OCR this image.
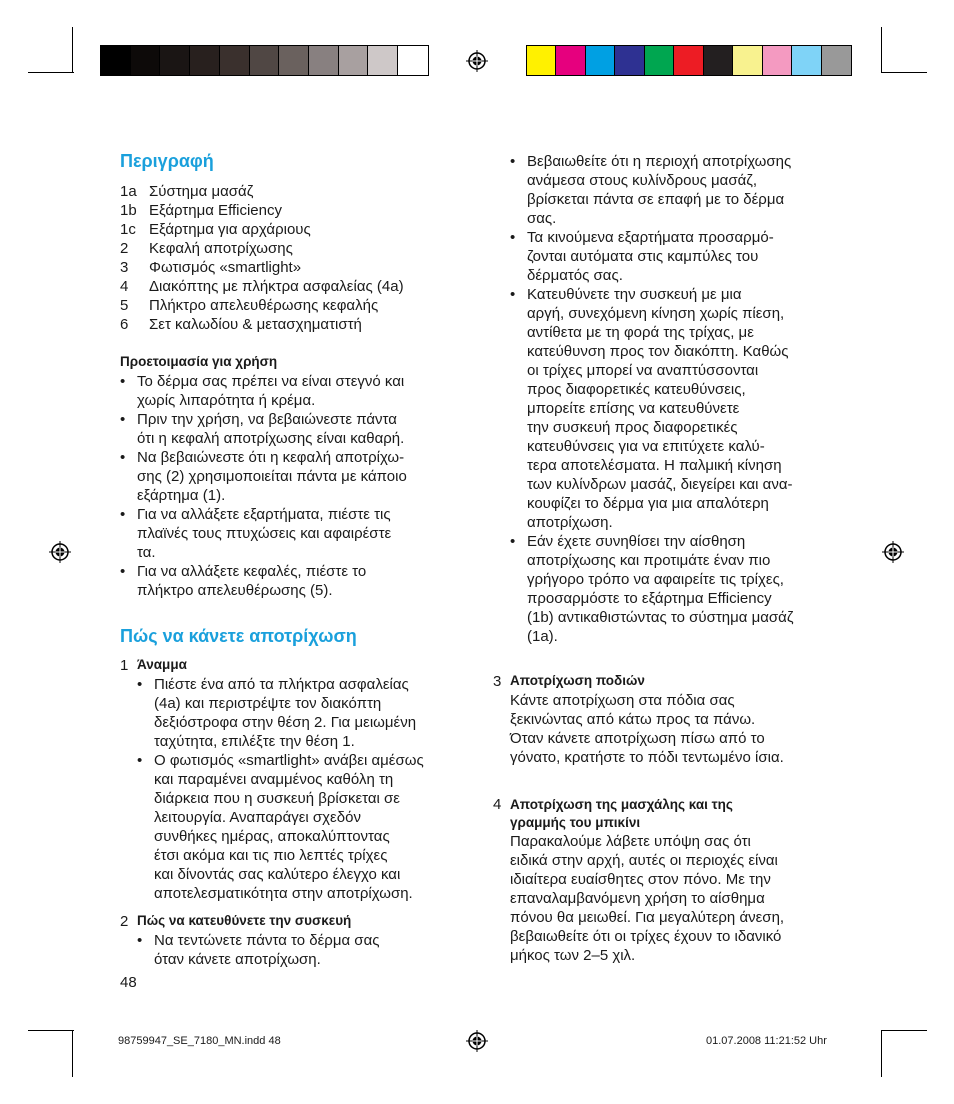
Περιγραφή
1a Σύστημα μασάζ
1b Εξάρτημα Efficiency
1c Εξάρτημα για αρχάριους
2 Κεφαλή αποτρίχωσης
3 Φωτισμός «smartlight»
4 Διακόπτης με πλήκτρα ασφαλείας (4a)
5 Πλήκτρο απελευθέρωσης κεφαλής
6 Σετ καλωδίου & μετασχηματιστή
Προετοιμασία για χρήση
• Το δέρμα σας πρέπει να είναι στεγνό και
χωρίς λιπαρότητα ή κρέμα.
• Πριν την χρήση, να βεβαιώνεστε πάντα
ότι η κεφαλή αποτρίχωσης είναι καθαρή.
• Να βεβαιώνεστε ότι η κεφαλή αποτρίχω-
σης (2) χρησιμοποιείται πάντα με κάποιο
εξάρτημα (1).
• Για να αλλάξετε εξαρτήματα, πιέστε τις
πλαϊνές τους πτυχώσεις και αφαιρέστε
τα.
• Για να αλλάξετε κεφαλές, πιέστε το
πλήκτρο απελευθέρωσης (5).
Πώς να κάνετε αποτρίχωση
1 Άναμμα
• Πιέστε ένα από τα πλήκτρα ασφαλείας
(4a) και περιστρέψτε τον διακόπτη
δεξιόστροφα στην θέση 2. Για μειωμένη
ταχύτητα, επιλέξτε την θέση 1.
• Ο φωτισμός «smartlight» ανάβει αμέσως
και παραμένει αναμμένος καθόλη τη
διάρκεια που η συσκευή βρίσκεται σε
λειτουργία. Αναπαράγει σχεδόν
συνθήκες ημέρας, αποκαλύπτοντας
έτσι ακόμα και τις πιο λεπτές τρίχες
και δίνοντάς σας καλύτερο έλεγχο και
αποτελεσματικότητα στην αποτρίχωση.
2 Πώς να κατευθύνετε την συσκευή
• Να τεντώνετε πάντα το δέρμα σας
όταν κάνετε αποτρίχωση.
48
• Βεβαιωθείτε ότι η περιοχή αποτρίχωσης
ανάμεσα στους κυλίνδρους μασάζ,
βρίσκεται πάντα σε επαφή με το δέρμα
σας.
• Τα κινούμενα εξαρτήματα προσαρμό-
ζονται αυτόματα στις καμπύλες του
δέρματός σας.
• Κατευθύνετε την συσκευή με μια
αργή, συνεχόμενη κίνηση χωρίς πίεση,
αντίθετα με τη φορά της τρίχας, με
κατεύθυνση προς τον διακόπτη. Καθώς
οι τρίχες μπορεί να αναπτύσσονται
προς διαφορετικές κατευθύνσεις,
μπορείτε επίσης να κατευθύνετε
την συσκευή προς διαφορετικές
κατευθύνσεις για να επιτύχετε καλύ-
τερα αποτελέσματα. Η παλμική κίνηση
των κυλίνδρων μασάζ, διεγείρει και ανα-
κουφίζει το δέρμα για μια απαλότερη
αποτρίχωση.
• Εάν έχετε συνηθίσει την αίσθηση
αποτρίχωσης και προτιμάτε έναν πιο
γρήγορο τρόπο να αφαιρείτε τις τρίχες,
προσαρμόστε το εξάρτημα Efficiency
(1b) αντικαθιστώντας το σύστημα μασάζ
(1a).
3 Αποτρίχωση ποδιών
Κάντε αποτρίχωση στα πόδια σας
ξεκινώντας από κάτω προς τα πάνω.
Όταν κάνετε αποτρίχωση πίσω από το
γόνατο, κρατήστε το πόδι τεντωμένο ίσια.
4 Αποτρίχωση της μασχάλης και της
γραμμής του μπικίνι
Παρακαλούμε λάβετε υπόψη σας ότι
ειδικά στην αρχή, αυτές οι περιοχές είναι
ιδιαίτερα ευαίσθητες στον πόνο. Με την
επαναλαμβανόμενη χρήση το αίσθημα
πόνου θα μειωθεί. Για μεγαλύτερη άνεση,
βεβαιωθείτε ότι οι τρίχες έχουν το ιδανικό
μήκος των 2–5 χιλ.
98759947_SE_7180_MN.indd 48	01.07.2008 11:21:52 Uhr
